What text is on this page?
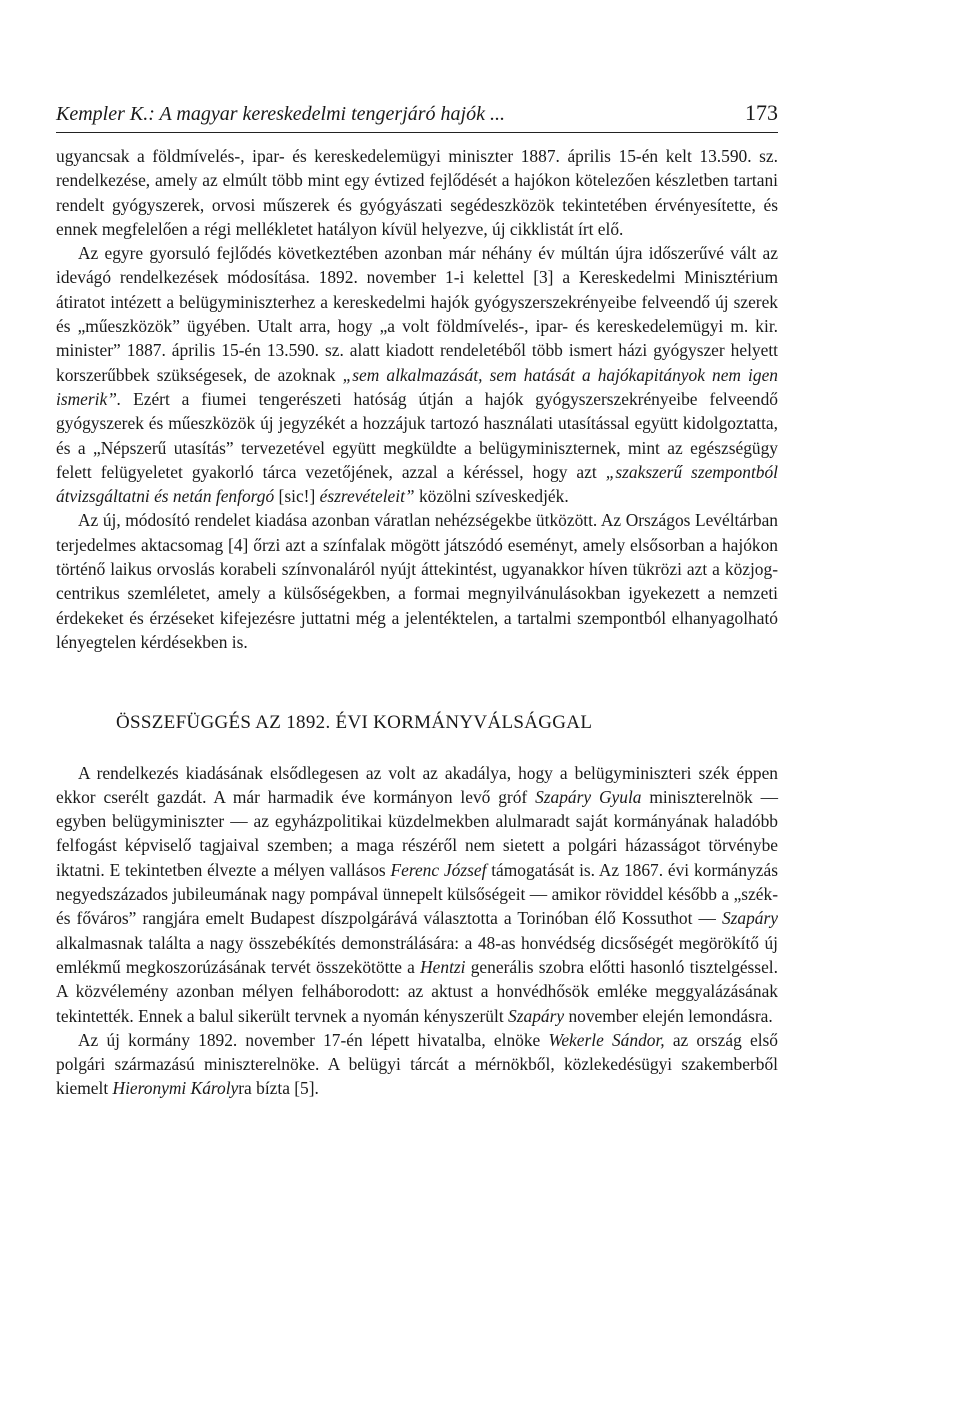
Kempler K.: A magyar kereskedelmi tengerjáró hajók ...	173

ugyancsak a földmívelés-, ipar- és kereskedelemügyi miniszter 1887. április 15-én kelt 13.590. sz. rendelkezése, amely az elmúlt több mint egy évtized fejlődését a hajókon kötelezően készletben tartani rendelt gyógyszerek, orvosi műszerek és gyógyászati segédeszközök tekintetében érvényesítette, és ennek megfelelően a régi mellékletet hatályon kívül helyezve, új cikklistát írt elő.

Az egyre gyorsuló fejlődés következtében azonban már néhány év múltán újra időszerűvé vált az idevágó rendelkezések módosítása. 1892. november 1-i kelettel [3] a Kereskedelmi Minisztérium átiratot intézett a belügyminiszterhez a kereskedelmi hajók gyógyszerszekrényeibe felveendő új szerek és „műeszközök” ügyében. Utalt arra, hogy „a volt földmívelés-, ipar- és kereskedelemügyi m. kir. minister” 1887. április 15-én 13.590. sz. alatt kiadott rendeletéből több ismert házi gyógyszer helyett korszerűbbek szükségesek, de azoknak „sem alkalmazását, sem hatását a hajókapitányok nem igen ismerik”. Ezért a fiumei tengerészeti hatóság útján a hajók gyógyszerszekrényeibe felveendő gyógyszerek és műeszközök új jegyzékét a hozzájuk tartozó használati utasítással együtt kidolgoztatta, és a „Népszerű utasítás” tervezetével együtt megküldte a belügyminiszternek, mint az egészségügy felett felügyeletet gyakorló tárca vezetőjének, azzal a kéréssel, hogy azt „szakszerű szempontból átvizsgáltatni és netán fenforgó [sic!] észrevételeit” közölni szíveskedjék.

Az új, módosító rendelet kiadása azonban váratlan nehézségekbe ütközött. Az Országos Levéltárban terjedelmes aktacsomag [4] őrzi azt a színfalak mögött játszódó eseményt, amely elsősorban a hajókon történő laikus orvoslás korabeli színvonaláról nyújt áttekintést, ugyanakkor híven tükrözi azt a közjog-centrikus szemléletet, amely a külsőségekben, a formai megnyilvánulásokban igyekezett a nemzeti érdekeket és érzéseket kifejezésre juttatni még a jelentéktelen, a tartalmi szempontból elhanyagolható lényegtelen kérdésekben is.

ÖSSZEFÜGGÉS AZ 1892. ÉVI KORMÁNYVÁLSÁGGAL

A rendelkezés kiadásának elsődlegesen az volt az akadálya, hogy a belügyminiszteri szék éppen ekkor cserélt gazdát. A már harmadik éve kormányon levő gróf Szapáry Gyula miniszterelnök — egyben belügyminiszter — az egyházpolitikai küzdelmekben alulmaradt saját kormányának haladóbb felfogást képviselő tagjaival szemben; a maga részéről nem sietett a polgári házasságot törvénybe iktatni. E tekintetben élvezte a mélyen vallásos Ferenc József támogatását is. Az 1867. évi kormányzás negyedszázados jubileumának nagy pompával ünnepelt külsőségeit — amikor röviddel később a „szék- és főváros” rangjára emelt Budapest díszpolgárává választotta a Torinóban élő Kossuthot — Szapáry alkalmasnak találta a nagy összebékítés demonstrálására: a 48-as honvédség dicsőségét megörökítő új emlékmű megkoszorúzásának tervét összekötötte a Hentzi generális szobra előtti hasonló tisztelgéssel. A közvélemény azonban mélyen felháborodott: az aktust a honvédhősök emléke meggyalázásának tekintették. Ennek a balul sikerült tervnek a nyomán kényszerült Szapáry november elején lemondásra.

Az új kormány 1892. november 17-én lépett hivatalba, elnöke Wekerle Sándor, az ország első polgári származású miniszterelnöke. A belügyi tárcát a mérnökből, közlekedésügyi szakemberből kiemelt Hieronymi Károlyra bízta [5].
